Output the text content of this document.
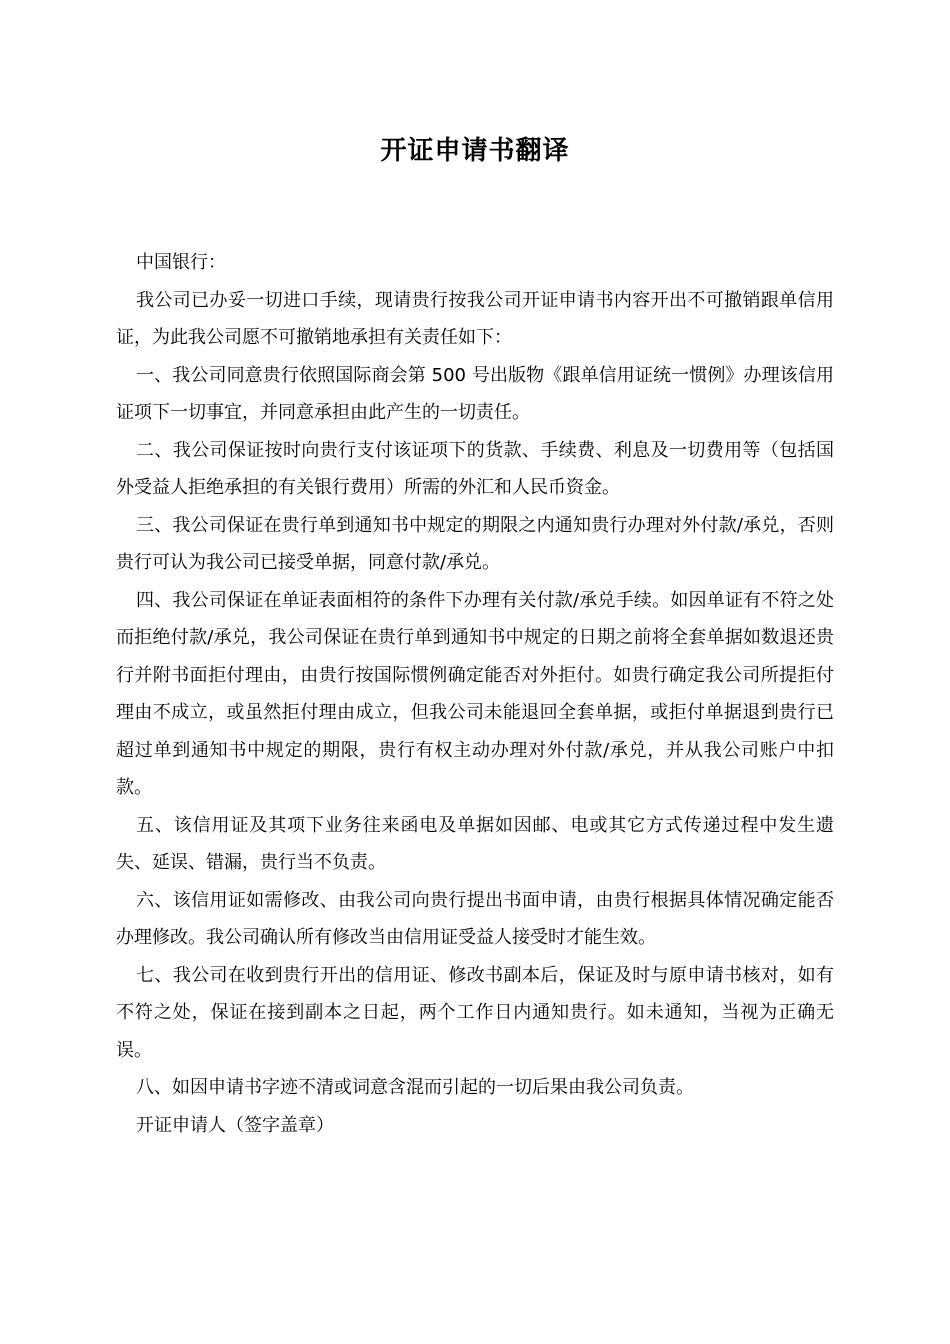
开证申请书翻译

中国银行：

我公司已办妥一切进口手续，现请贵行按我公司开证申请书内容开出不可撤销跟单信用证，为此我公司愿不可撤销地承担有关责任如下：

一、我公司同意贵行依照国际商会第 500 号出版物《跟单信用证统一惯例》办理该信用证项下一切事宜，并同意承担由此产生的一切责任。

二、我公司保证按时向贵行支付该证项下的货款、手续费、利息及一切费用等（包括国外受益人拒绝承担的有关银行费用）所需的外汇和人民币资金。

三、我公司保证在贵行单到通知书中规定的期限之内通知贵行办理对外付款/承兑，否则贵行可认为我公司已接受单据，同意付款/承兑。

四、我公司保证在单证表面相符的条件下办理有关付款/承兑手续。如因单证有不符之处而拒绝付款/承兑，我公司保证在贵行单到通知书中规定的日期之前将全套单据如数退还贵行并附书面拒付理由，由贵行按国际惯例确定能否对外拒付。如贵行确定我公司所提拒付理由不成立，或虽然拒付理由成立，但我公司未能退回全套单据，或拒付单据退到贵行已超过单到通知书中规定的期限，贵行有权主动办理对外付款/承兑，并从我公司账户中扣款。

五、该信用证及其项下业务往来函电及单据如因邮、电或其它方式传递过程中发生遗失、延误、错漏，贵行当不负责。

六、该信用证如需修改、由我公司向贵行提出书面申请，由贵行根据具体情况确定能否办理修改。我公司确认所有修改当由信用证受益人接受时才能生效。

七、我公司在收到贵行开出的信用证、修改书副本后，保证及时与原申请书核对，如有不符之处，保证在接到副本之日起，两个工作日内通知贵行。如未通知，当视为正确无误。

八、如因申请书字迹不清或词意含混而引起的一切后果由我公司负责。

开证申请人（签字盖章）
